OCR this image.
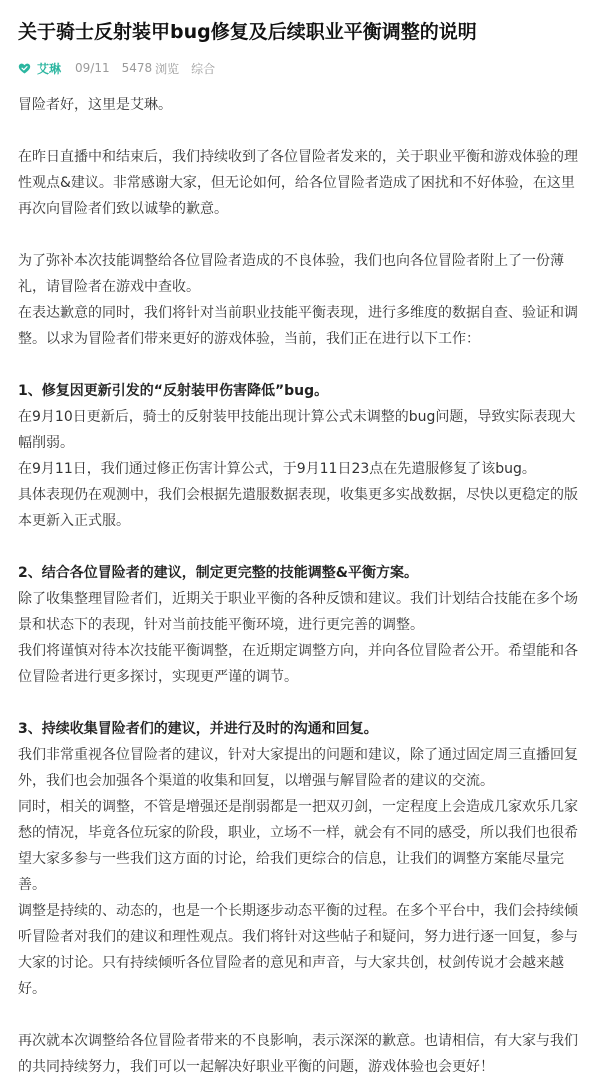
关于骑士反射装甲bug修复及后续职业平衡调整的说明
艾琳 09/11 5478 浏览 综合

冒险者好，这里是艾琳。

在昨日直播中和结束后，我们持续收到了各位冒险者发来的，关于职业平衡和游戏体验的理性观点&建议。非常感谢大家，但无论如何，给各位冒险者造成了困扰和不好体验，在这里再次向冒险者们致以诚挚的歉意。

为了弥补本次技能调整给各位冒险者造成的不良体验，我们也向各位冒险者附上了一份薄礼，请冒险者在游戏中查收。

在表达歉意的同时，我们将针对当前职业技能平衡表现，进行多维度的数据自查、验证和调整。以求为冒险者们带来更好的游戏体验，当前，我们正在进行以下工作：

1、修复因更新引发的“反射装甲伤害降低”bug。

在9月10日更新后，骑士的反射装甲技能出现计算公式未调整的bug问题，导致实际表现大幅削弱。

在9月11日，我们通过修正伤害计算公式，于9月11日23点在先遣服修复了该bug。

具体表现仍在观测中，我们会根据先遣服数据表现，收集更多实战数据，尽快以更稳定的版本更新入正式服。

2、结合各位冒险者的建议，制定更完整的技能调整&平衡方案。

除了收集整理冒险者们，近期关于职业平衡的各种反馈和建议。我们计划结合技能在多个场景和状态下的表现，针对当前技能平衡环境，进行更完善的调整。

我们将谨慎对待本次技能平衡调整，在近期定调整方向，并向各位冒险者公开。希望能和各位冒险者进行更多探讨，实现更严谨的调节。

3、持续收集冒险者们的建议，并进行及时的沟通和回复。

我们非常重视各位冒险者的建议，针对大家提出的问题和建议，除了通过固定周三直播回复外，我们也会加强各个渠道的收集和回复，以增强与解冒险者的建议的交流。

同时，相关的调整，不管是增强还是削弱都是一把双刃剑，一定程度上会造成几家欢乐几家愁的情况，毕竟各位玩家的阶段，职业，立场不一样，就会有不同的感受，所以我们也很希望大家多参与一些我们这方面的讨论，给我们更综合的信息，让我们的调整方案能尽量完善。

调整是持续的、动态的，也是一个长期逐步动态平衡的过程。在多个平台中，我们会持续倾听冒险者对我们的建议和理性观点。我们将针对这些帖子和疑问，努力进行逐一回复，参与大家的讨论。只有持续倾听各位冒险者的意见和声音，与大家共创，杖剑传说才会越来越好。

再次就本次调整给各位冒险者带来的不良影响，表示深深的歉意。也请相信，有大家与我们的共同持续努力，我们可以一起解决好职业平衡的问题，游戏体验也会更好！
